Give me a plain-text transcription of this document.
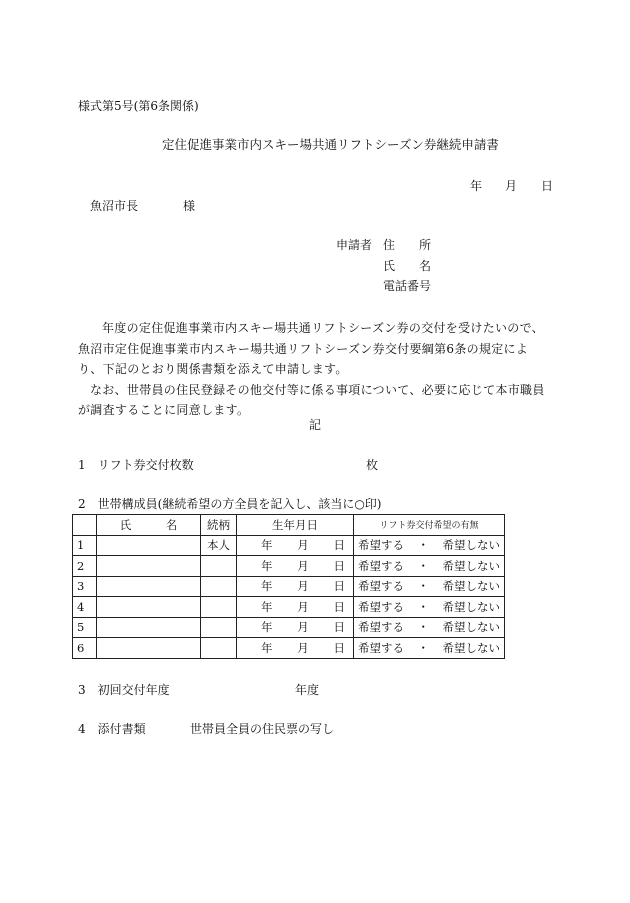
様式第5号(第6条関係)
定住促進事業市内スキー場共通リフトシーズン券継続申請書
年 月 日
魚沼市長	様
申請者 住　　所
氏　　名
電話番号

年度の定住促進事業市内スキー場共通リフトシーズン券の交付を受けたいので、魚沼市定住促進事業市内スキー場共通リフトシーズン券交付要綱第6条の規定により、下記のとおり関係書類を添えて申請します。

なお、世帯員の住民登録その他交付等に係る事項について、必要に応じて本市職員が調査することに同意します。

記
1　リフト券交付枚数	枚
2　世帯構成員(継続希望の方全員を記入し、該当に○印)
	氏　　　名	続柄	生年月日	リフト券交付希望の有無
1		本人	年 月 日	希望する ・ 希望しない

2			年 月 日	希望する ・ 希望しない

3			年 月 日	希望する ・ 希望しない

4			年 月 日	希望する ・ 希望しない

5			年 月 日	希望する ・ 希望しない

6			年 月 日	希望する ・ 希望しない
3　初回交付年度	年度
4　添付書類	世帯員全員の住民票の写し
